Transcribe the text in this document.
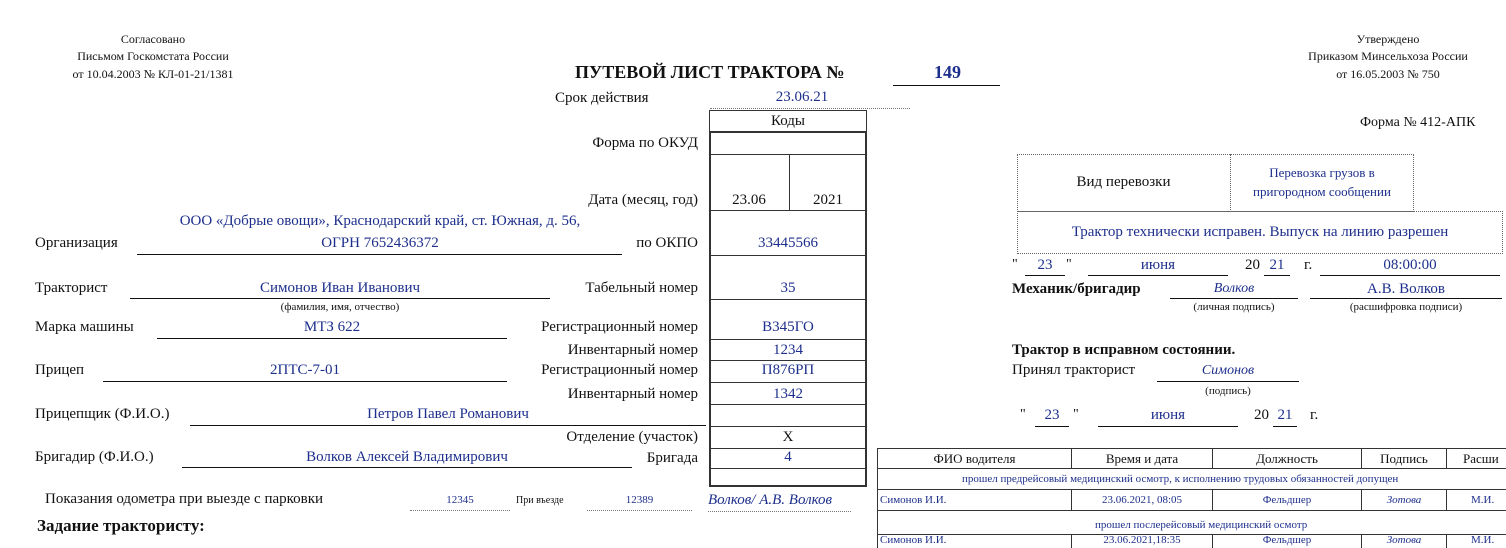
Согласовано
Письмом Госкомстата России
от 10.04.2003 № КЛ-01-21/1381
Утверждено
Приказом Минсельхоза России
от 16.05.2003 № 750
Форма № 412-АПК
ПУТЕВОЙ ЛИСТ ТРАКТОРА №	149
Срок действия	23.06.21
Коды
Форма по ОКУД
Дата (месяц, год)	23.06	2021
по ОКПО	33445566
Табельный номер	35
Регистрационный номер	В345ГО
Инвентарный номер	1234
Регистрационный номер	П876РП
Инвентарный номер	1342
Отделение (участок)	Х
Бригада	4
ООО «Добрые овощи», Краснодарский край, ст. Южная, д. 56,
Организация	ОГРН 7652436372
Тракторист	Симонов Иван Иванович
(фамилия, имя, отчество)
Марка машины	МТЗ 622
Прицеп	2ПТС-7-01
Прицепщик (Ф.И.О.)	Петров Павел Романович
Бригадир (Ф.И.О.)	Волков Алексей Владимирович
Показания одометра при выезде с парковки	12345	При въезде	12389	Волков/ А.В. Волков
Задание трактористу:
Вид перевозки
Перевозка грузов в
пригородном сообщении
Трактор технически исправен. Выпуск на линию разрешен
"	23 "	июня	20 21	г.	08:00:00
Механик/бригадир	Волков	А.В. Волков
(личная подпись)	(расшифровка подписи)
Трактор в исправном состоянии.
Принял тракторист	Симонов
(подпись)
"	23 "	июня	20 21	г.
ФИО водителя	Время и дата	Должность	Подпись	Расши
прошел предрейсовый медицинский осмотр, к исполнению трудовых обязанностей допущен
Симонов И.И.	23.06.2021, 08:05	Фельдшер	Зотова	М.И.
прошел послерейсовый медицинский осмотр
Симонов И.И.	23.06.2021,18:35	Фельдшер	Зотова	М.И.
